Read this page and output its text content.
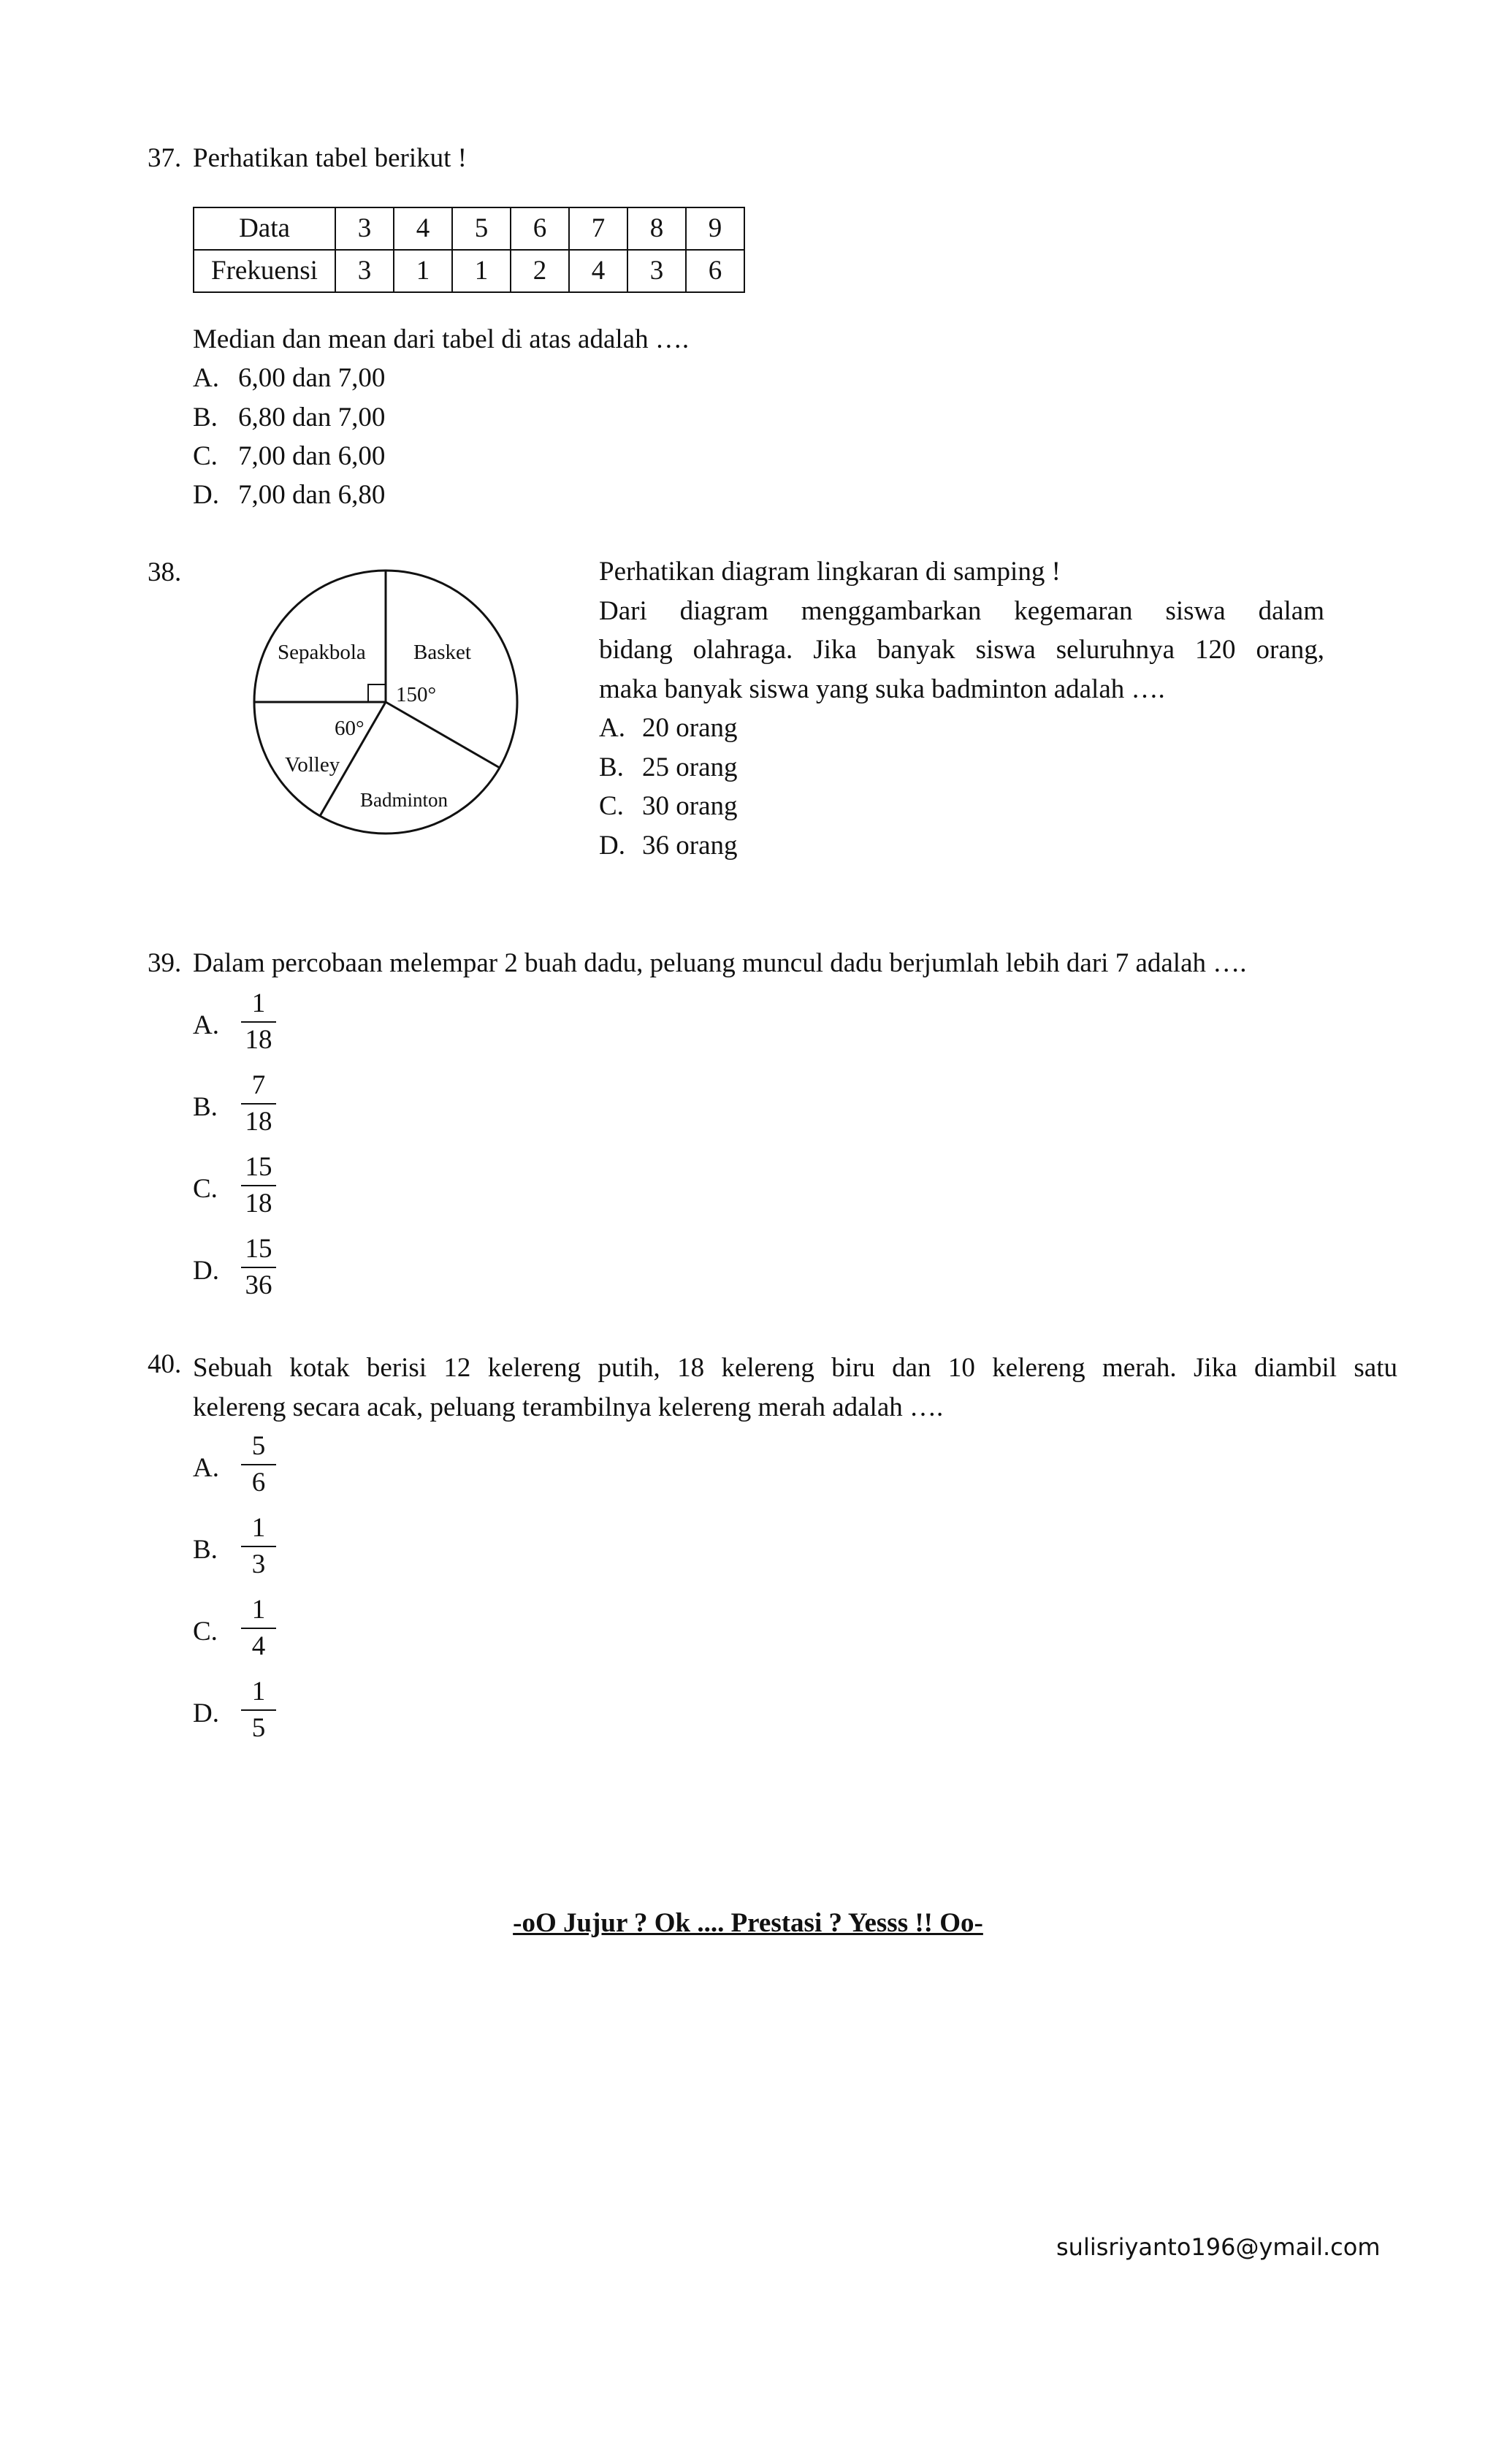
37. Perhatikan tabel berikut !
Data	3	4	5	6	7	8	9
Frekuensi	3	1	1	2	4	3	6
Median dan mean dari tabel di atas adalah ….
A. 6,00 dan 7,00
B. 6,80 dan 7,00
C. 7,00 dan 6,00
D. 7,00 dan 6,80
38.
Sepakbola Basket
150°
60°
Volley
Badminton
Perhatikan diagram lingkaran di samping !
Dari diagram menggambarkan kegemaran siswa dalam
bidang olahraga. Jika banyak siswa seluruhnya 120 orang,
maka banyak siswa yang suka badminton adalah ….
A. 20 orang
B. 25 orang
C. 30 orang
D. 36 orang
39. Dalam percobaan melempar 2 buah dadu, peluang muncul dadu berjumlah lebih dari 7 adalah ….
A.
1
18
B.
7
18
C.
15
18
D.
15
36
40. Sebuah kotak berisi 12 kelereng putih, 18 kelereng biru dan 10 kelereng merah. Jika diambil satu
kelereng secara acak, peluang terambilnya kelereng merah adalah ….
A.
5
6
B.
1
3
C.
1
4
D.
1
5
-oO Jujur ? Ok .... Prestasi ? Yesss !! Oo-
sulisriyanto196@ymail.com
